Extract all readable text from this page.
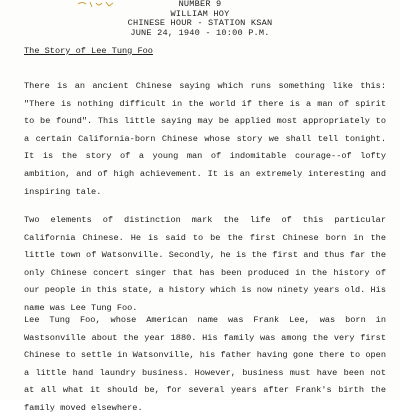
NUMBER 9
WILLIAM HOY
CHINESE HOUR - STATION KSAN
JUNE 24, 1940 - 10:00 P.M.
The Story of Lee Tung Foo

There is an ancient Chinese saying which runs something like this: "There is nothing difficult in the world if there is a man of spirit to be found". This little saying may be applied most appropriately to a certain California-born Chinese whose story we shall tell tonight. It is the story of a young man of indomitable courage--of lofty ambition, and of high achievement. It is an extremely interesting and inspiring tale.

Two elements of distinction mark the life of this particular California Chinese. He is said to be the first Chinese born in the little town of Watsonville. Secondly, he is the first and thus far the only Chinese concert singer that has been produced in the history of our people in this state, a history which is now ninety years old. His name was Lee Tung Foo.

Lee Tung Foo, whose American name was Frank Lee, was born in Wastsonville about the year 1880. His family was among the very first Chinese to settle in Watsonville, his father having gone there to open a little hand laundry business. However, business must have been not at all what it should be, for several years after Frank's birth the family moved elsewhere.
